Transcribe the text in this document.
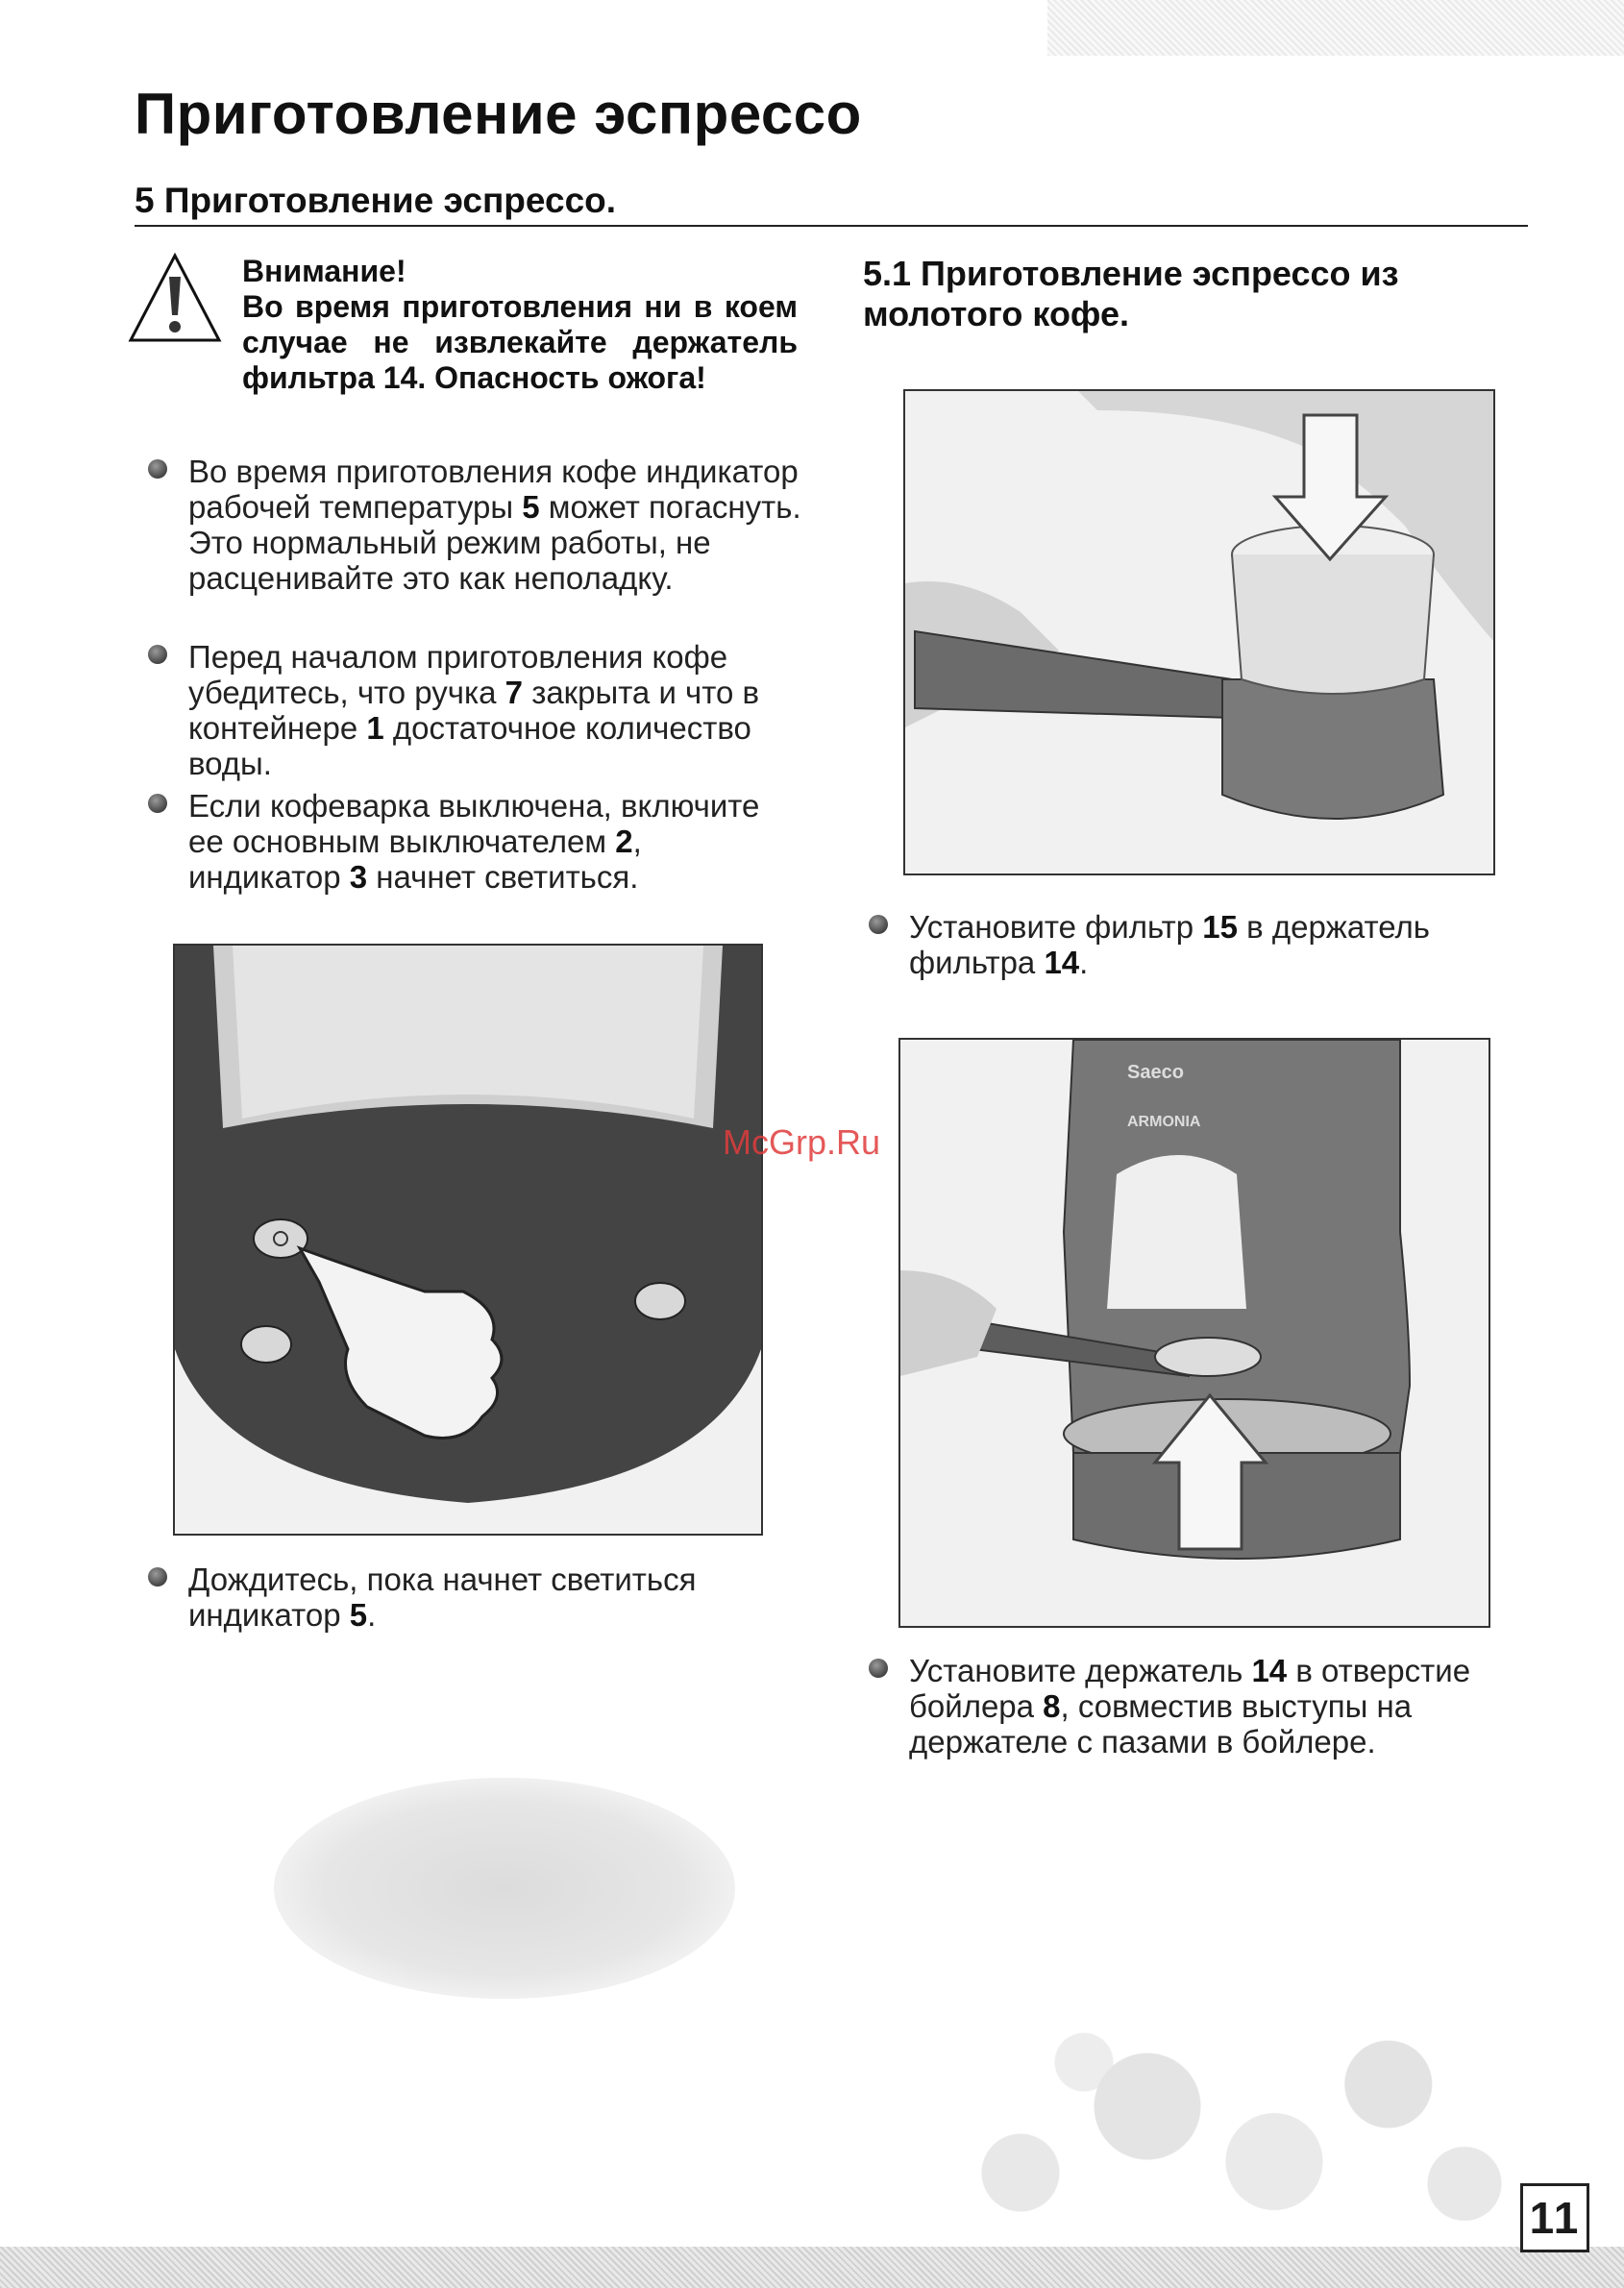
Приготовление эспрессо
5 Приготовление эспрессо.
Внимание!
Во время приготовления ни в коем случае не извлекайте держатель фильтра 14. Опасность ожога!
Во время приготовления кофе индикатор рабочей температуры 5 может погаснуть. Это нормальный режим работы, не расценивайте это как неполадку.
Перед началом приготовления кофе убедитесь, что ручка 7 закрыта и что в контейнере 1 достаточное количество воды.
Если кофеварка выключена, включите ее основным выключателем 2, индикатор 3 начнет светиться.
Дождитесь, пока начнет светиться индикатор 5.
5.1 Приготовление эспрессо из молотого кофе.
Установите фильтр 15 в держатель фильтра 14.
Saeco
ARMONIA
Установите держатель 14 в отверстие бойлера 8, совместив выступы на держателе с пазами в бойлере.
McGrp.Ru
11
